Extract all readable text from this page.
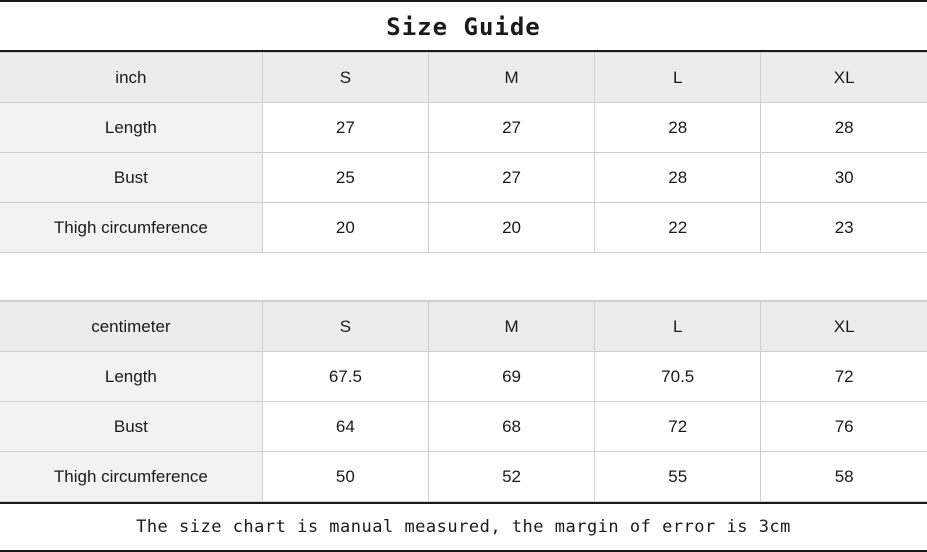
Size Guide
inch	S	M	L	XL
Length	27	27	28	28
Bust	25	27	28	30
Thigh circumference	20	20	22	23
centimeter	S	M	L	XL
Length	67.5	69	70.5	72
Bust	64	68	72	76
Thigh circumference	50	52	55	58
The size chart is manual measured, the margin of error is 3cm
